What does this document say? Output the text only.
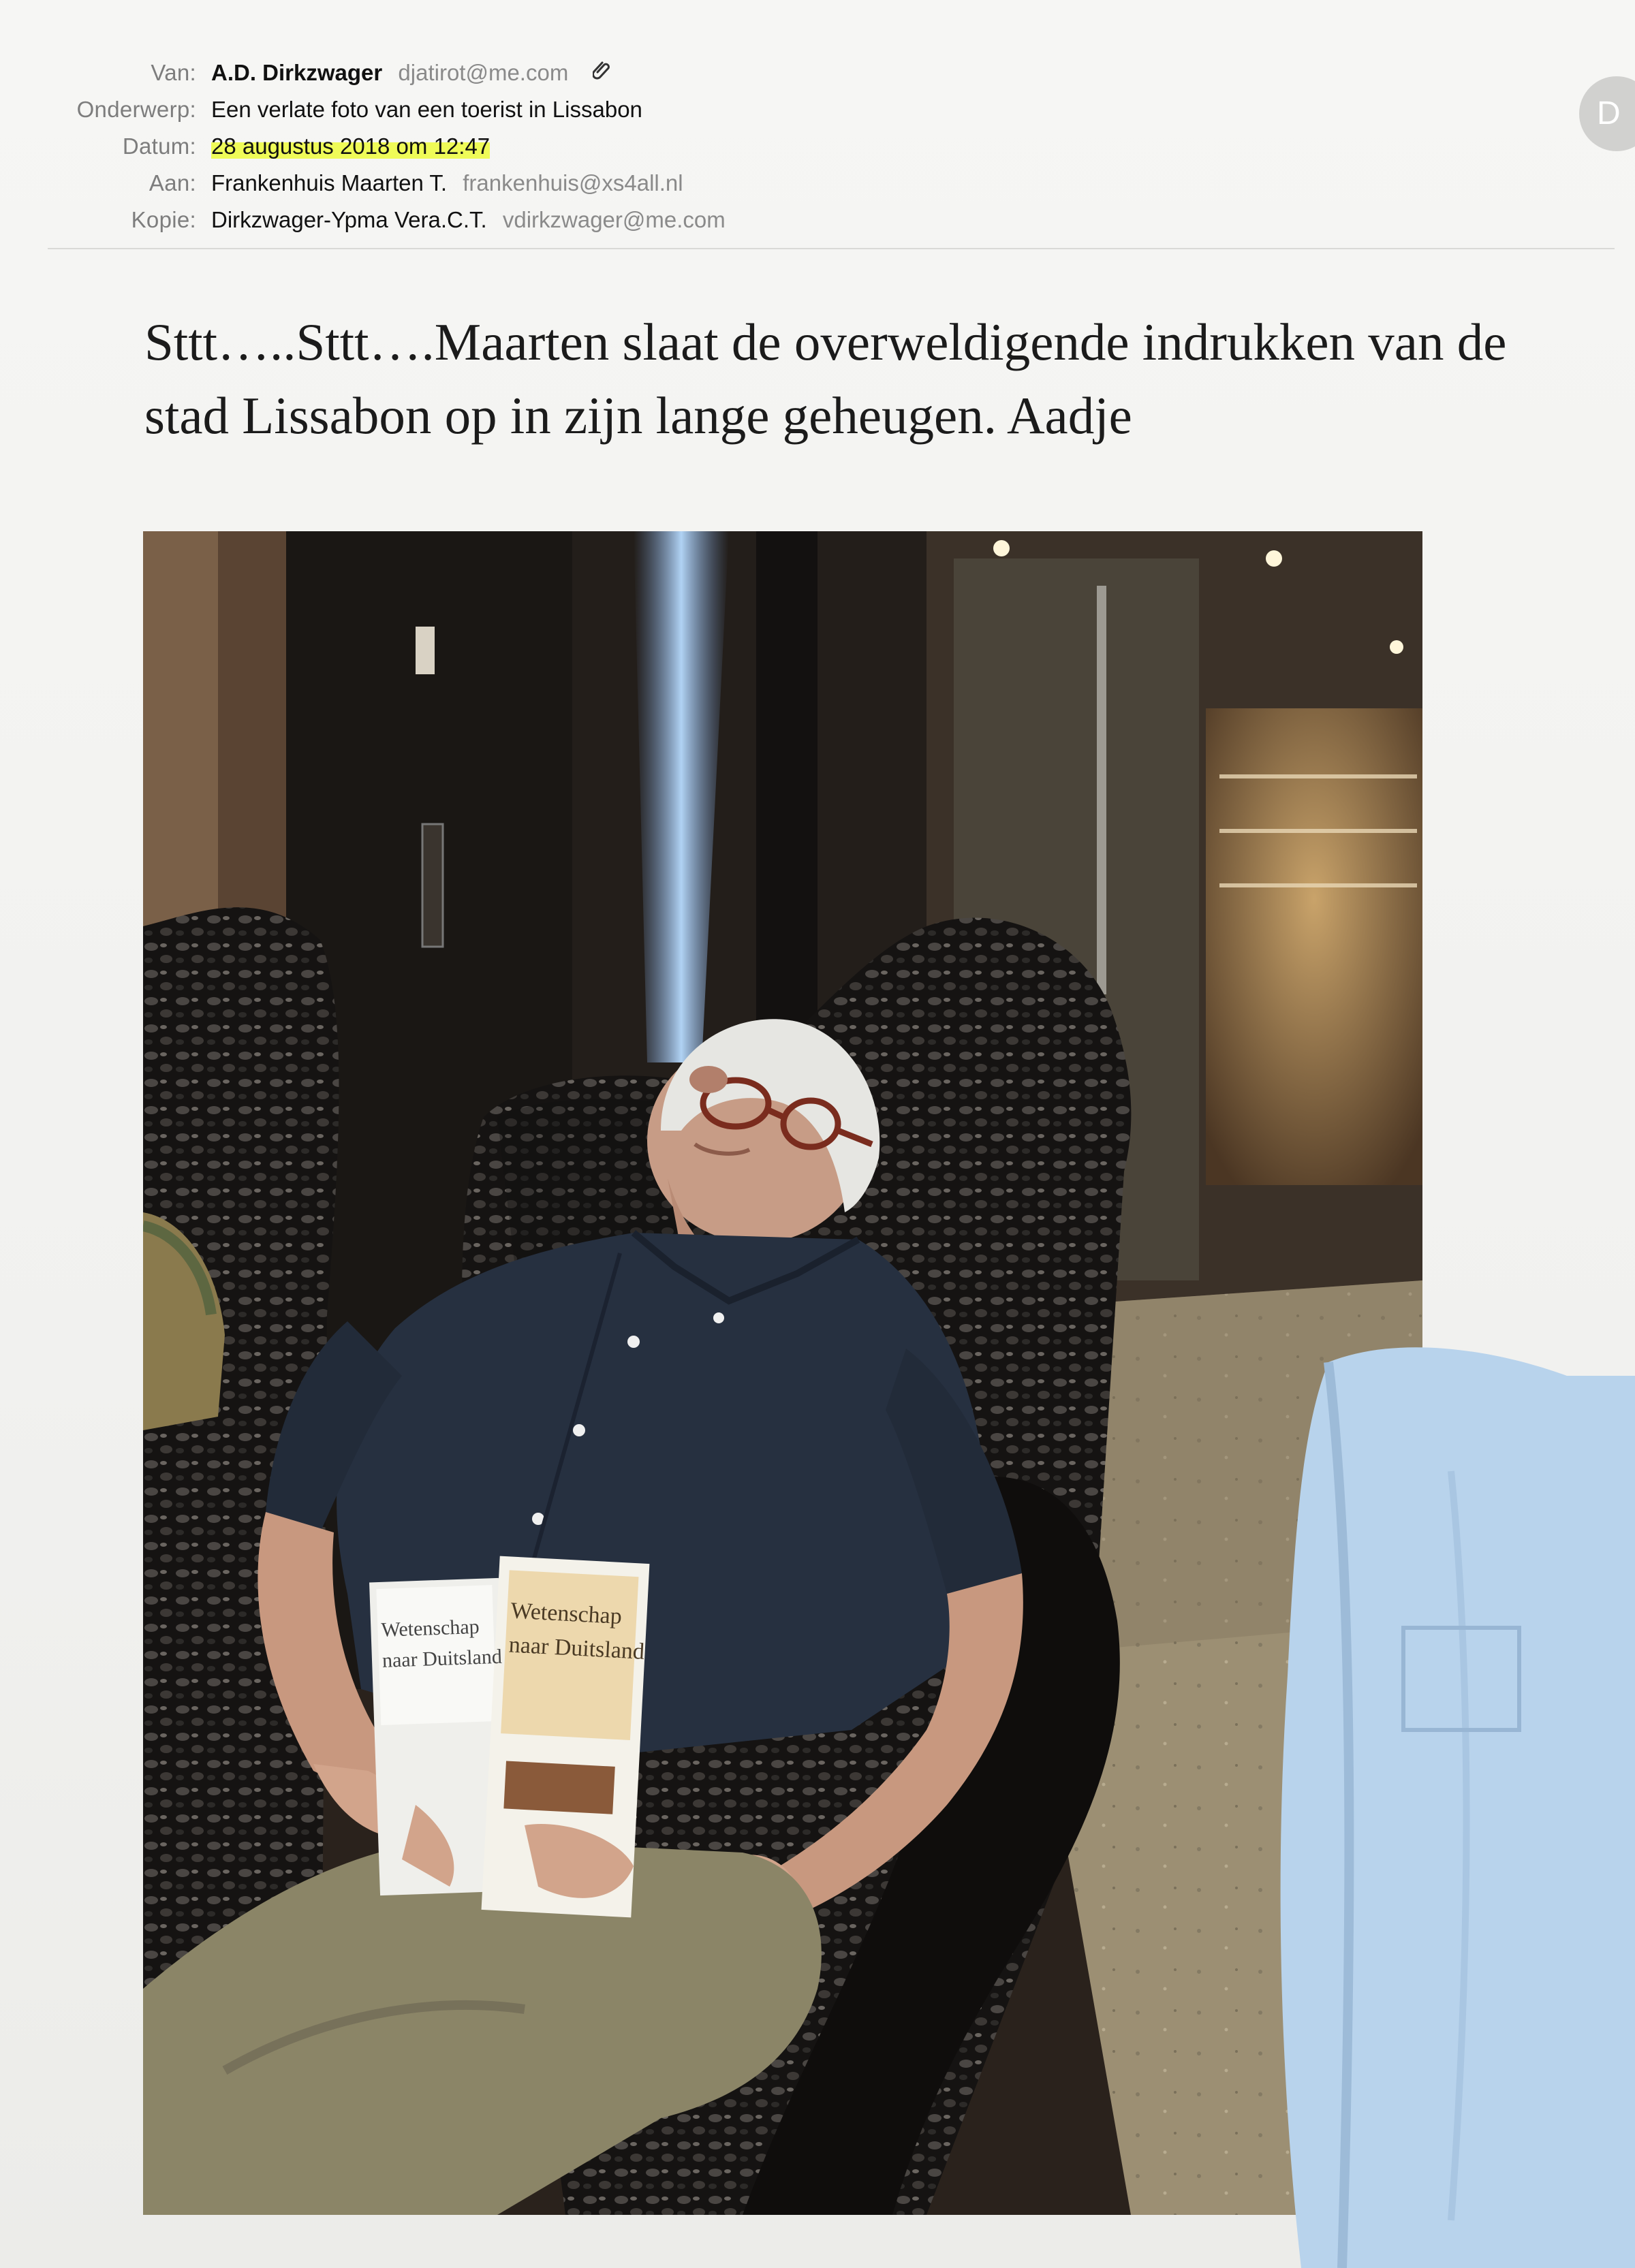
D
Van: A.D. Dirkzwager djatirot@me.com
Onderwerp: Een verlate foto van een toerist in Lissabon
Datum: 28 augustus 2018 om 12:47
Aan: Frankenhuis Maarten T. frankenhuis@xs4all.nl
Kopie: Dirkzwager-Ypma Vera.C.T. vdirkzwager@me.com
Sttt…..Sttt….Maarten slaat de overweldigende indrukken van de
stad Lissabon op in zijn lange geheugen. Aadje
Wetenschap
naar Duitsland
Wetenschap
naar Duitsland
